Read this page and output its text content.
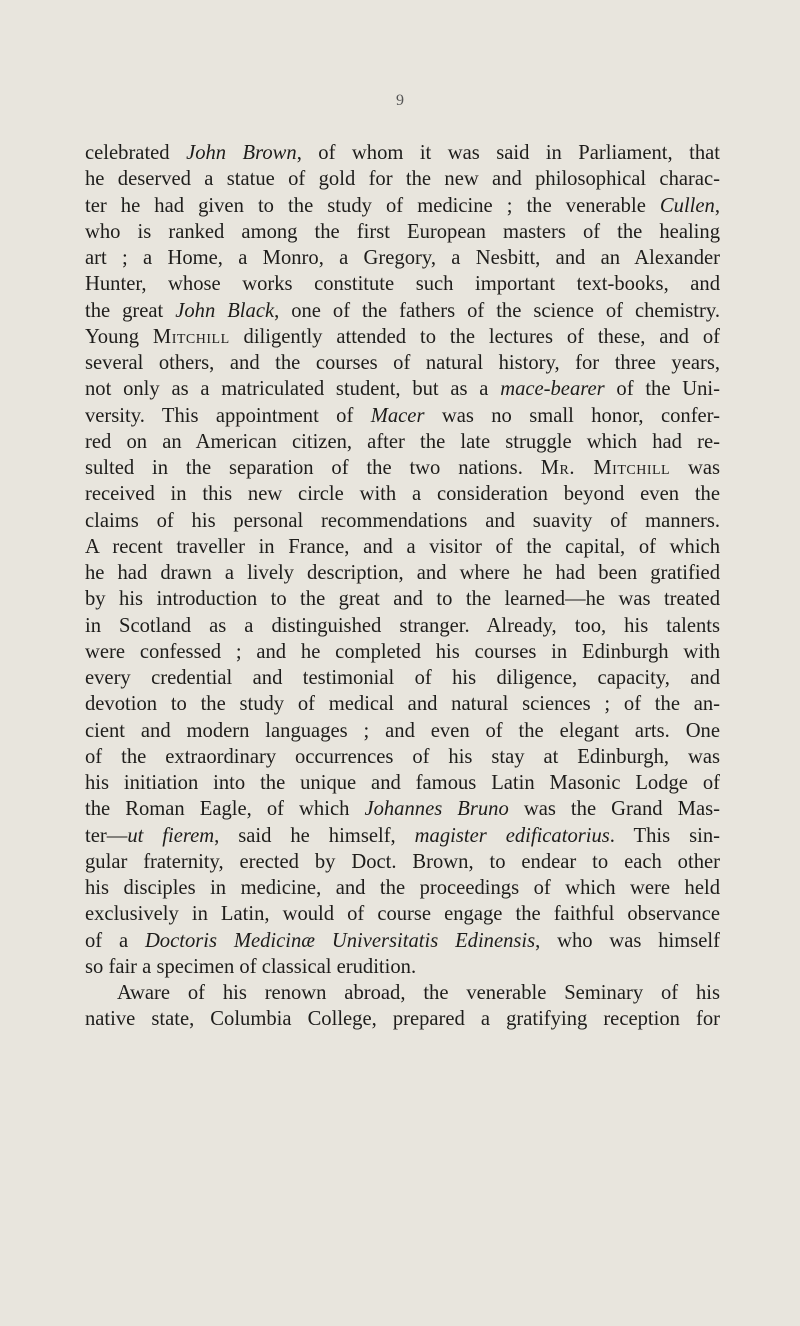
9
celebrated John Brown, of whom it was said in Parliament, that
he deserved a statue of gold for the new and philosophical charac-
ter he had given to the study of medicine ; the venerable Cullen,
who is ranked among the first European masters of the healing
art ; a Home, a Monro, a Gregory, a Nesbitt, and an Alexander
Hunter, whose works constitute such important text-books, and
the great John Black, one of the fathers of the science of chemistry.
Young Mitchill diligently attended to the lectures of these, and of
several others, and the courses of natural history, for three years,
not only as a matriculated student, but as a mace-bearer of the Uni-
versity. This appointment of Macer was no small honor, confer-
red on an American citizen, after the late struggle which had re-
sulted in the separation of the two nations. Mr. Mitchill was
received in this new circle with a consideration beyond even the
claims of his personal recommendations and suavity of manners.
A recent traveller in France, and a visitor of the capital, of which
he had drawn a lively description, and where he had been gratified
by his introduction to the great and to the learned—he was treated
in Scotland as a distinguished stranger. Already, too, his talents
were confessed ; and he completed his courses in Edinburgh with
every credential and testimonial of his diligence, capacity, and
devotion to the study of medical and natural sciences ; of the an-
cient and modern languages ; and even of the elegant arts. One
of the extraordinary occurrences of his stay at Edinburgh, was
his initiation into the unique and famous Latin Masonic Lodge of
the Roman Eagle, of which Johannes Bruno was the Grand Mas-
ter—ut fierem, said he himself, magister edificatorius. This sin-
gular fraternity, erected by Doct. Brown, to endear to each other
his disciples in medicine, and the proceedings of which were held
exclusively in Latin, would of course engage the faithful observance
of a Doctoris Medicinæ Universitatis Edinensis, who was himself
so fair a specimen of classical erudition.
Aware of his renown abroad, the venerable Seminary of his
native state, Columbia College, prepared a gratifying reception for
